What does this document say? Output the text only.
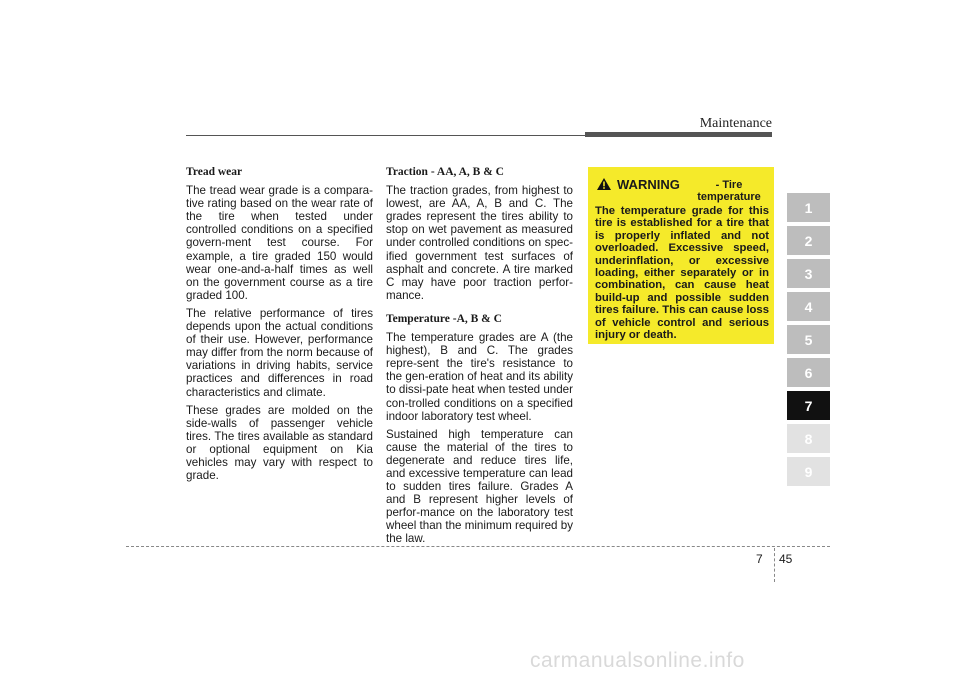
Maintenance
Tread wear
The tread wear grade is a compara-tive rating based on the wear rate of the tire when tested under controlled conditions on a specified govern-ment test course. For example, a tire graded 150 would wear one-and-a-half times as well on the government course as a tire graded 100.
The relative performance of tires depends upon the actual conditions of their use. However, performance may differ from the norm because of variations in driving habits, service practices and differences in road characteristics and climate.
These grades are molded on the side-walls of passenger vehicle tires. The tires available as standard or optional equipment on Kia vehicles may vary with respect to grade.
Traction - AA, A, B & C
The traction grades, from highest to lowest, are AA, A, B and C. The grades represent the tires ability to stop on wet pavement as measured under controlled conditions on spec-ified government test surfaces of asphalt and concrete. A tire marked C may have poor traction perfor-mance.
Temperature -A, B & C
The temperature grades are A (the highest), B and C. The grades repre-sent the tire's resistance to the gen-eration of heat and its ability to dissi-pate heat when tested under con-trolled conditions on a specified indoor laboratory test wheel.
Sustained high temperature can cause the material of the tires to degenerate and reduce tires life, and excessive temperature can lead to sudden tires failure. Grades A and B represent higher levels of perfor-mance on the laboratory test wheel than the minimum required by the law.
WARNING	- Tire temperature
The temperature grade for this tire is established for a tire that is properly inflated and not overloaded. Excessive speed, underinflation, or excessive loading, either separately or in combination, can cause heat build-up and possible sudden tires failure. This can cause loss of vehicle control and serious injury or death.
1
2
3
4
5
6
7
8
9
7 45
carmanualsonline.info
